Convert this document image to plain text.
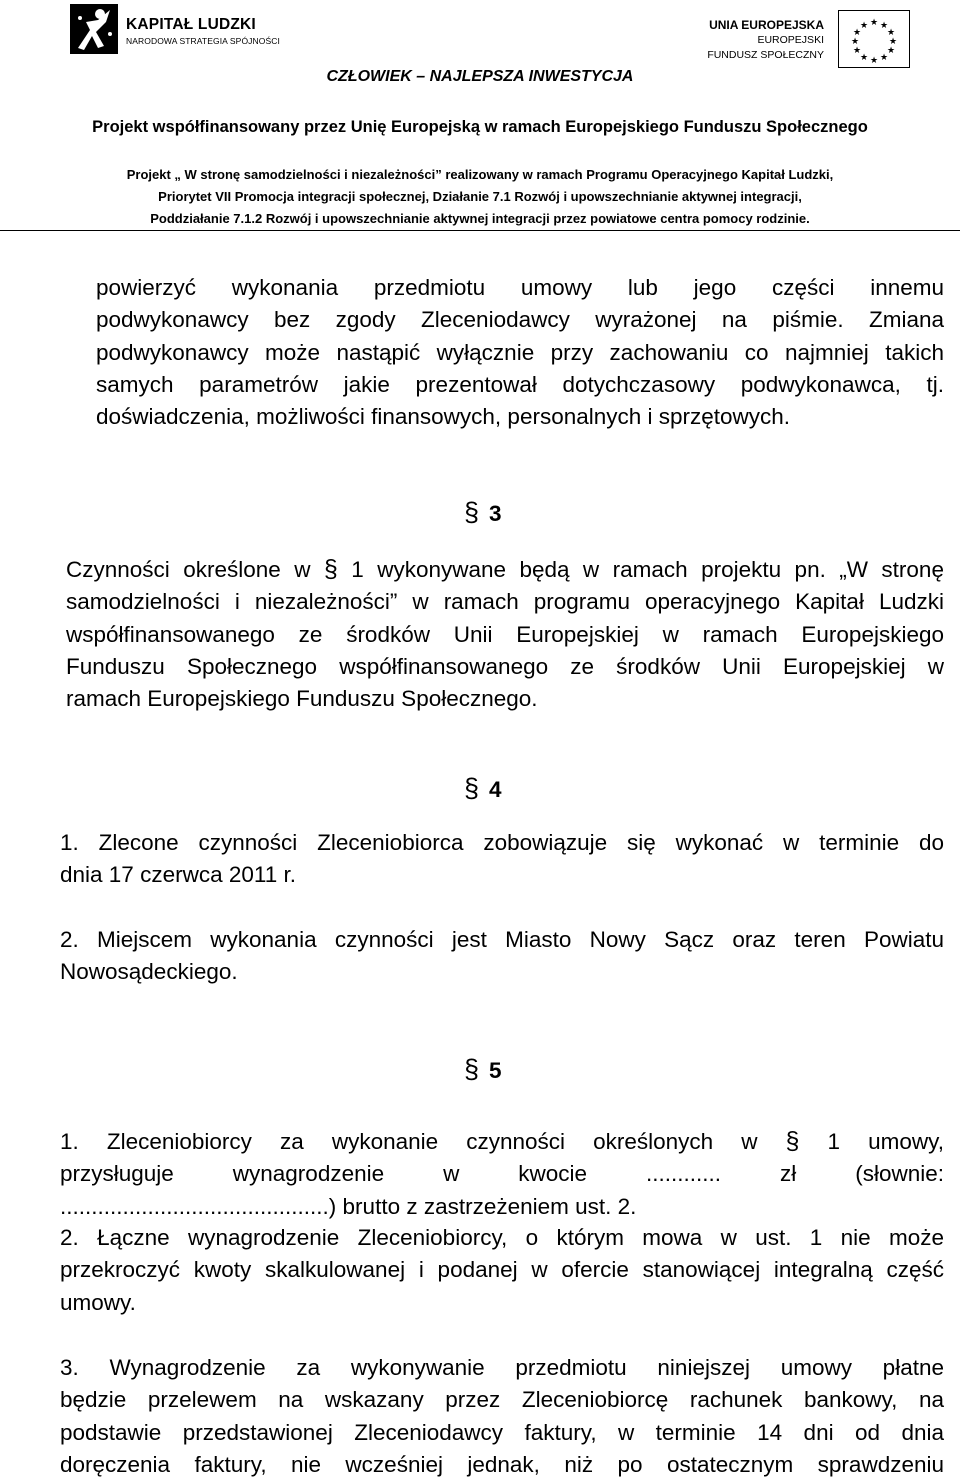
KAPITAŁ LUDZKI
NARODOWA STRATEGIA SPÓJNOŚCI
UNIA EUROPEJSKA
EUROPEJSKI
FUNDUSZ SPOŁECZNY
★ ★
★
★
★
★
★
★
★
★
★
★
CZŁOWIEK – NAJLEPSZA INWESTYCJA
Projekt współfinansowany przez Unię Europejską w ramach Europejskiego Funduszu Społecznego
Projekt „ W stronę samodzielności i niezależności” realizowany w ramach Programu Operacyjnego Kapitał Ludzki,
Priorytet VII Promocja integracji społecznej, Działanie 7.1 Rozwój i upowszechnianie aktywnej integracji,
Poddziałanie 7.1.2 Rozwój i upowszechnianie aktywnej integracji przez powiatowe centra pomocy rodzinie.
powierzyć wykonania przedmiotu umowy lub jego części innemu
podwykonawcy bez zgody Zleceniodawcy wyrażonej na piśmie. Zmiana
podwykonawcy może nastąpić wyłącznie przy zachowaniu co najmniej takich
samych parametrów jakie prezentował dotychczasowy podwykonawca, tj.
doświadczenia, możliwości finansowych, personalnych i sprzętowych.
§ 3
Czynności określone w § 1 wykonywane będą w ramach projektu pn. „W stronę
samodzielności i niezależności” w ramach programu operacyjnego Kapitał Ludzki
współfinansowanego ze środków Unii Europejskiej w ramach Europejskiego
Funduszu Społecznego współfinansowanego ze środków Unii Europejskiej w
ramach Europejskiego Funduszu Społecznego.
§ 4
1. Zlecone czynności Zleceniobiorca zobowiązuje się wykonać w terminie do
dnia 17 czerwca 2011 r.
2. Miejscem wykonania czynności jest Miasto Nowy Sącz oraz teren Powiatu
Nowosądeckiego.
§ 5
1. Zleceniobiorcy za wykonanie czynności określonych w § 1 umowy,
przysługuje wynagrodzenie w kwocie ............ zł (słownie:
...........................................) brutto z zastrzeżeniem ust. 2.
2. Łączne wynagrodzenie Zleceniobiorcy, o którym mowa w ust. 1 nie może
przekroczyć kwoty skalkulowanej i podanej w ofercie stanowiącej integralną część
umowy.
3. Wynagrodzenie za wykonywanie przedmiotu niniejszej umowy płatne
będzie przelewem na wskazany przez Zleceniobiorcę rachunek bankowy, na
podstawie przedstawionej Zleceniodawcy faktury, w terminie 14 dni od dnia
doręczenia faktury, nie wcześniej jednak, niż po ostatecznym sprawdzeniu
